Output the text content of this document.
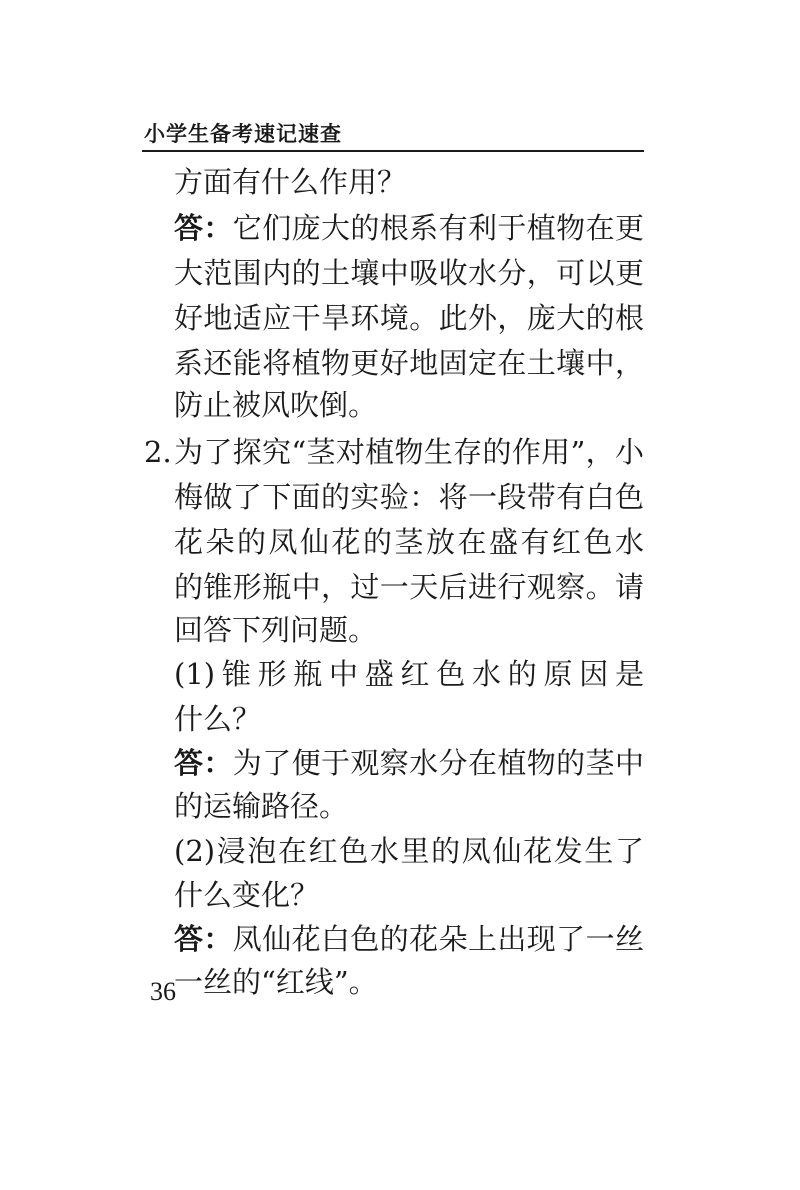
小学生备考速记速查
方面有什么作用？
答：它们庞大的根系有利于植物在更
大范围内的土壤中吸收水分，可以更
好地适应干旱环境。此外，庞大的根
系还能将植物更好地固定在土壤中，
防止被风吹倒。
2. 为了探究“茎对植物生存的作用”，小
梅做了下面的实验：将一段带有白色
花朵的凤仙花的茎放在盛有红色水
的锥形瓶中，过一天后进行观察。请
回答下列问题。
(1)锥形瓶中盛红色水的原因是
什么？
答：为了便于观察水分在植物的茎中
的运输路径。
(2)浸泡在红色水里的凤仙花发生了
什么变化？
答：凤仙花白色的花朵上出现了一丝
一丝的“红线”。
36
